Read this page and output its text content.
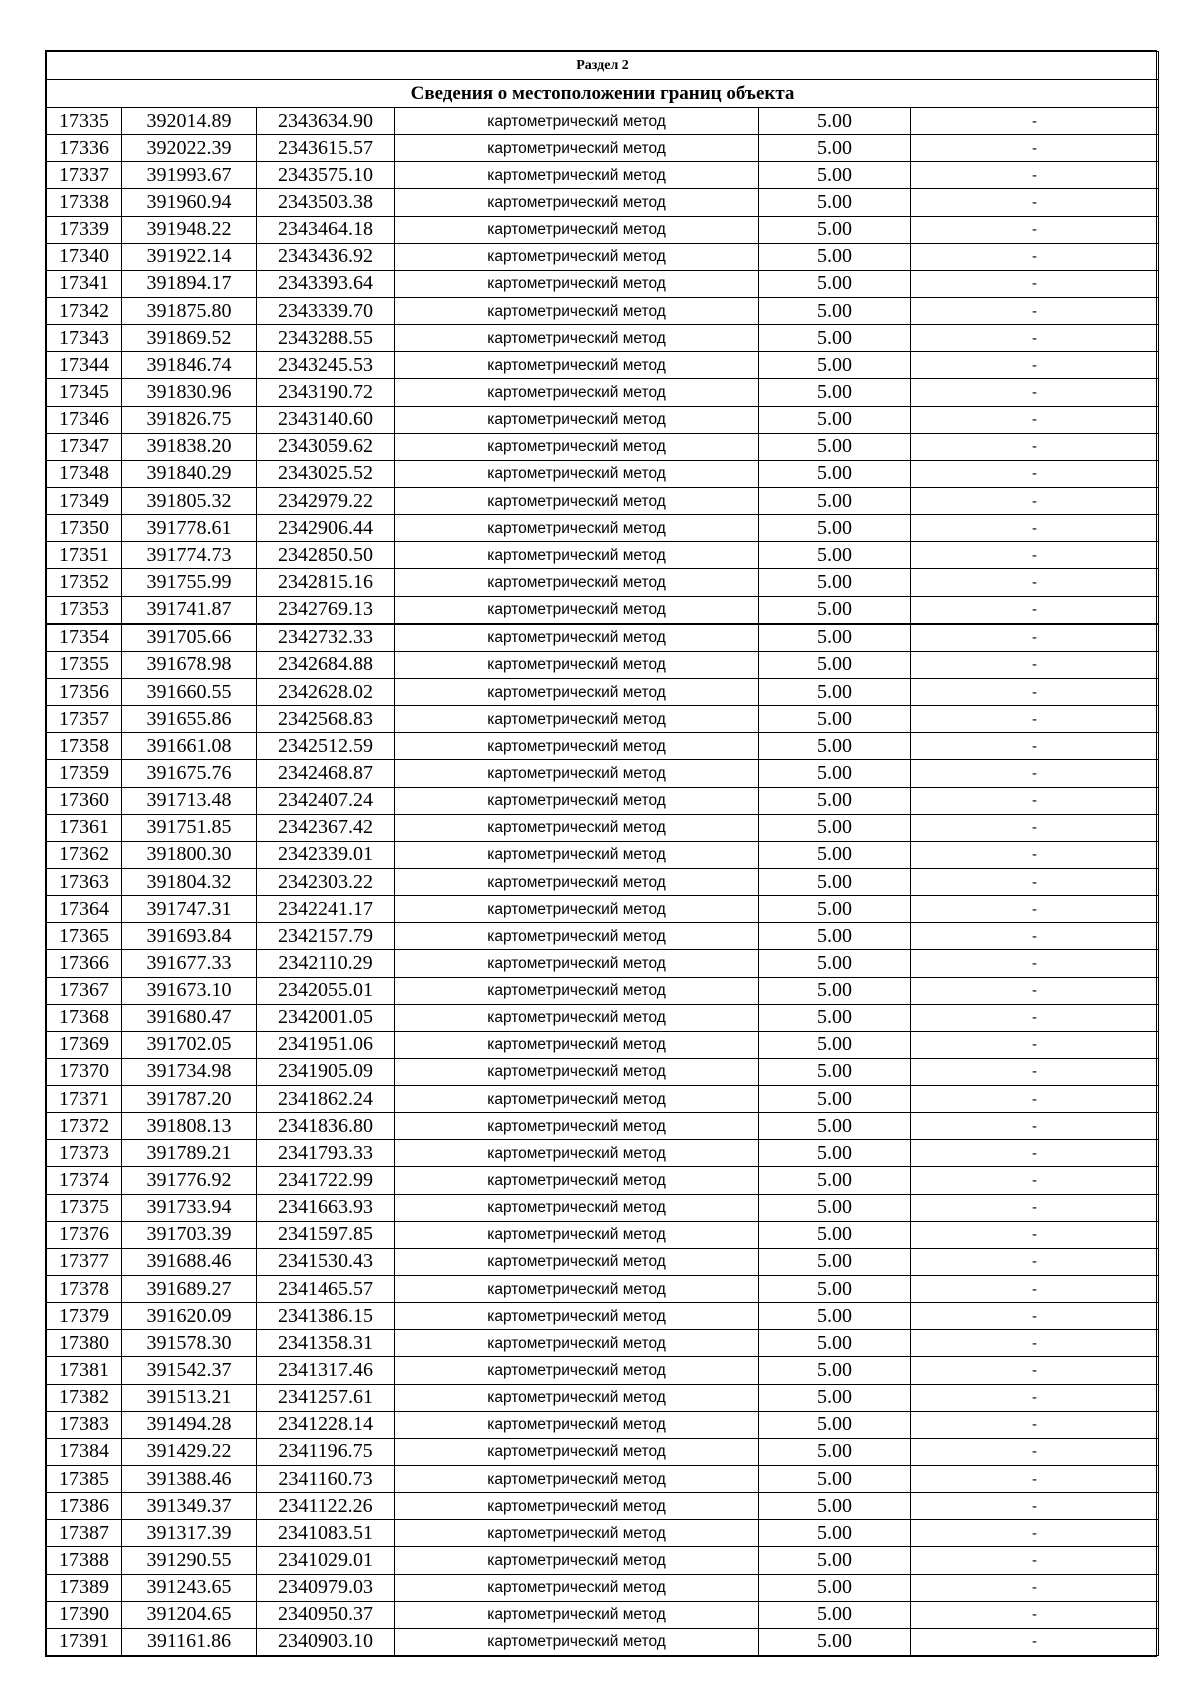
Раздел 2					
Сведения о местоположении границ объекта					
17335	392014.89	2343634.90	картометрический метод	5.00	-
17336	392022.39	2343615.57	картометрический метод	5.00	-
17337	391993.67	2343575.10	картометрический метод	5.00	-
17338	391960.94	2343503.38	картометрический метод	5.00	-
17339	391948.22	2343464.18	картометрический метод	5.00	-
17340	391922.14	2343436.92	картометрический метод	5.00	-
17341	391894.17	2343393.64	картометрический метод	5.00	-
17342	391875.80	2343339.70	картометрический метод	5.00	-
17343	391869.52	2343288.55	картометрический метод	5.00	-
17344	391846.74	2343245.53	картометрический метод	5.00	-
17345	391830.96	2343190.72	картометрический метод	5.00	-
17346	391826.75	2343140.60	картометрический метод	5.00	-
17347	391838.20	2343059.62	картометрический метод	5.00	-
17348	391840.29	2343025.52	картометрический метод	5.00	-
17349	391805.32	2342979.22	картометрический метод	5.00	-
17350	391778.61	2342906.44	картометрический метод	5.00	-
17351	391774.73	2342850.50	картометрический метод	5.00	-
17352	391755.99	2342815.16	картометрический метод	5.00	-
17353	391741.87	2342769.13	картометрический метод	5.00	-
17354	391705.66	2342732.33	картометрический метод	5.00	-
17355	391678.98	2342684.88	картометрический метод	5.00	-
17356	391660.55	2342628.02	картометрический метод	5.00	-
17357	391655.86	2342568.83	картометрический метод	5.00	-
17358	391661.08	2342512.59	картометрический метод	5.00	-
17359	391675.76	2342468.87	картометрический метод	5.00	-
17360	391713.48	2342407.24	картометрический метод	5.00	-
17361	391751.85	2342367.42	картометрический метод	5.00	-
17362	391800.30	2342339.01	картометрический метод	5.00	-
17363	391804.32	2342303.22	картометрический метод	5.00	-
17364	391747.31	2342241.17	картометрический метод	5.00	-
17365	391693.84	2342157.79	картометрический метод	5.00	-
17366	391677.33	2342110.29	картометрический метод	5.00	-
17367	391673.10	2342055.01	картометрический метод	5.00	-
17368	391680.47	2342001.05	картометрический метод	5.00	-
17369	391702.05	2341951.06	картометрический метод	5.00	-
17370	391734.98	2341905.09	картометрический метод	5.00	-
17371	391787.20	2341862.24	картометрический метод	5.00	-
17372	391808.13	2341836.80	картометрический метод	5.00	-
17373	391789.21	2341793.33	картометрический метод	5.00	-
17374	391776.92	2341722.99	картометрический метод	5.00	-
17375	391733.94	2341663.93	картометрический метод	5.00	-
17376	391703.39	2341597.85	картометрический метод	5.00	-
17377	391688.46	2341530.43	картометрический метод	5.00	-
17378	391689.27	2341465.57	картометрический метод	5.00	-
17379	391620.09	2341386.15	картометрический метод	5.00	-
17380	391578.30	2341358.31	картометрический метод	5.00	-
17381	391542.37	2341317.46	картометрический метод	5.00	-
17382	391513.21	2341257.61	картометрический метод	5.00	-
17383	391494.28	2341228.14	картометрический метод	5.00	-
17384	391429.22	2341196.75	картометрический метод	5.00	-
17385	391388.46	2341160.73	картометрический метод	5.00	-
17386	391349.37	2341122.26	картометрический метод	5.00	-
17387	391317.39	2341083.51	картометрический метод	5.00	-
17388	391290.55	2341029.01	картометрический метод	5.00	-
17389	391243.65	2340979.03	картометрический метод	5.00	-
17390	391204.65	2340950.37	картометрический метод	5.00	-
17391	391161.86	2340903.10	картометрический метод	5.00	-
